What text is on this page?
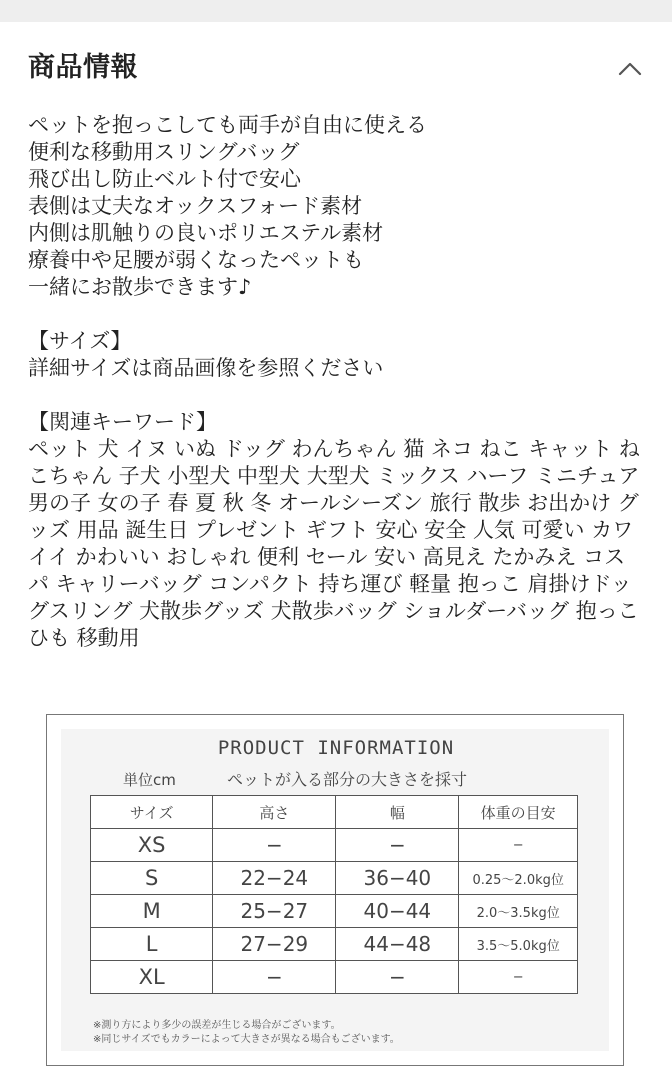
商品情報
ペットを抱っこしても両手が自由に使える
便利な移動用スリングバッグ
飛び出し防止ベルト付で安心
表側は丈夫なオックスフォード素材
内側は肌触りの良いポリエステル素材
療養中や足腰が弱くなったペットも
一緒にお散歩できます♪
【サイズ】
詳細サイズは商品画像を参照ください
【関連キーワード】
ペット 犬 イヌ いぬ ドッグ わんちゃん 猫 ネコ ねこ キャット ねこちゃん 子犬 小型犬 中型犬 大型犬 ミックス ハーフ ミニチュア 男の子 女の子 春 夏 秋 冬 オールシーズン 旅行 散歩 お出かけ グッズ 用品 誕生日 プレゼント ギフト 安心 安全 人気 可愛い カワイイ かわいい おしゃれ 便利 セール 安い 高見え たかみえ コスパ キャリーバッグ コンパクト 持ち運び 軽量 抱っこ 肩掛けドッグスリング 犬散歩グッズ 犬散歩バッグ ショルダーバッグ 抱っこひも 移動用
PRODUCT INFORMATION
単位cm	ペットが入る部分の大きさを採寸
サイズ	高さ	幅	体重の目安
XS	−	−	−
S	22−24	36−40	0.25〜2.0kg位
M	25−27	40−44	2.0〜3.5kg位
L	27−29	44−48	3.5〜5.0kg位
XL	−	−	−
※測り方により多少の誤差が生じる場合がございます。
※同じサイズでもカラーによって大きさが異なる場合もございます。
